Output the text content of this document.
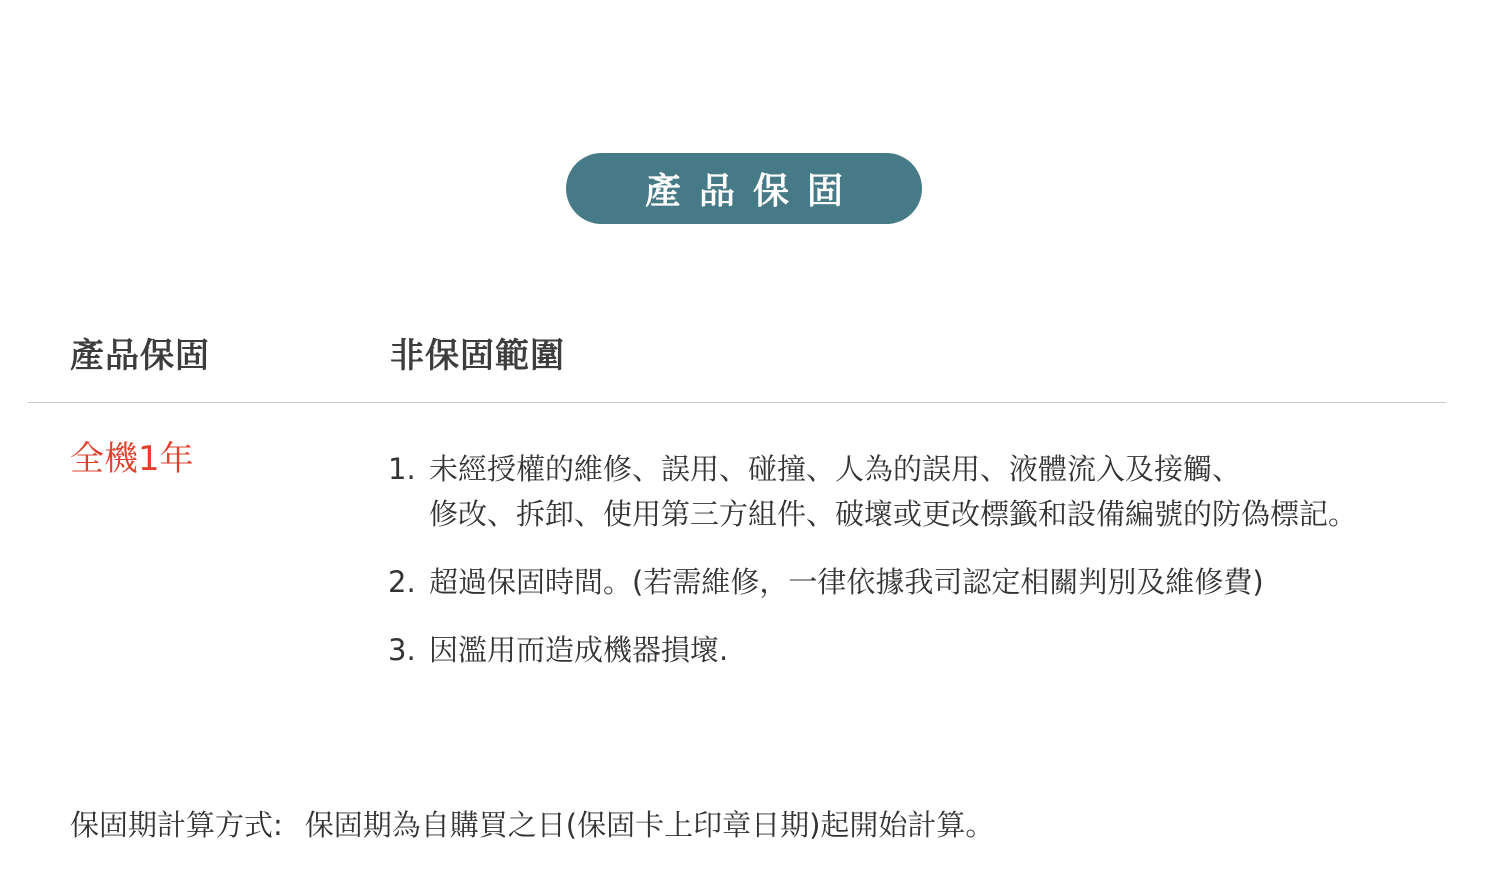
產品保固
產品保固	非保固範圍
全機1年	1. 未經授權的維修、誤用、碰撞、人為的誤用、液體流入及接觸、
修改、拆卸、使用第三方組件、破壞或更改標籤和設備編號的防偽標記。
2. 超過保固時間。(若需維修，一律依據我司認定相關判別及維修費)
3. 因濫用而造成機器損壞.
保固期計算方式: 保固期為自購買之日(保固卡上印章日期)起開始計算。
